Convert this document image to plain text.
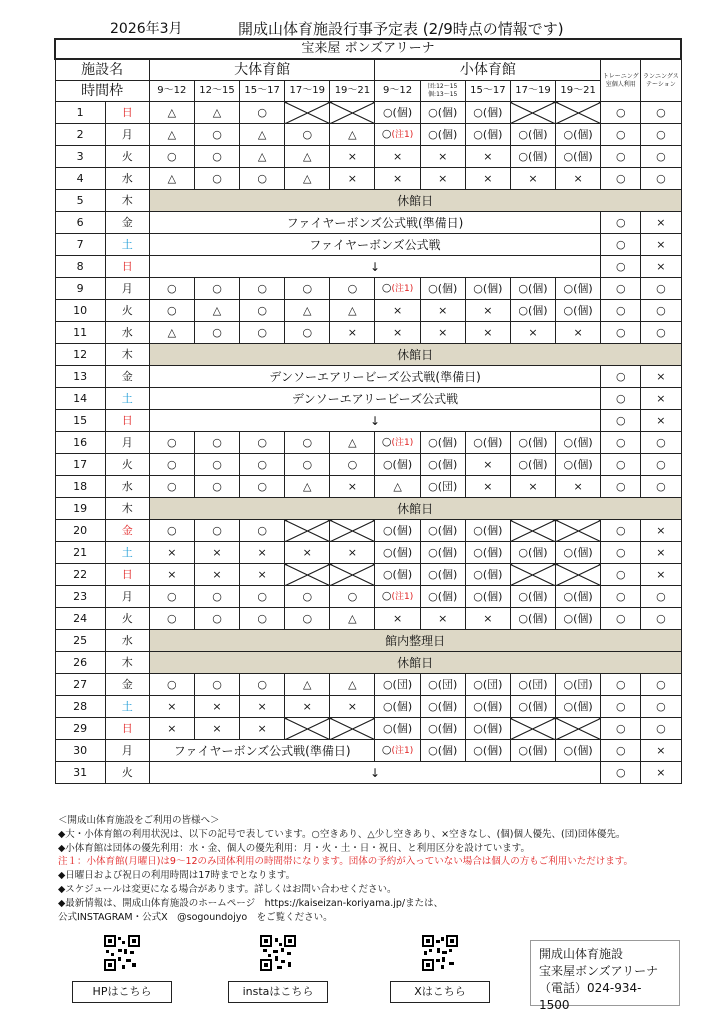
2026年3月	開成山体育施設行事予定表 (2/9時点の情報です)
宝来屋 ボンズアリーナ													
施設名		大体育館					小体育館					トレーニング室個人利用	ランニングステーション
時間枠		9～12	12～15	15～17	17～19	19～21	9～12	団:12～15 個:13～15	15～17	17～19	19～21		
1	日	△	△	○			○(個)	○(個)	○(個)			○	○
2	月	△	○	△	○	△	○(注1)	○(個)	○(個)	○(個)	○(個)	○	○
3	火	○	○	△	△	×	×	×	×	○(個)	○(個)	○	○
4	水	△	○	○	△	×	×	×	×	×	×	○	○
5	木	休館日											
6	金	ファイヤーボンズ公式戦(準備日)										○	×
7	土	ファイヤーボンズ公式戦										○	×
8	日	↓										○	×
9	月	○	○	○	○	○	○(注1)	○(個)	○(個)	○(個)	○(個)	○	○
10	火	○	△	○	△	△	×	×	×	○(個)	○(個)	○	○
11	水	△	○	○	○	×	×	×	×	×	×	○	○
12	木	休館日											
13	金	デンソーエアリービーズ公式戦(準備日)										○	×
14	土	デンソーエアリービーズ公式戦										○	×
15	日	↓										○	×
16	月	○	○	○	○	△	○(注1)	○(個)	○(個)	○(個)	○(個)	○	○
17	火	○	○	○	○	○	○(個)	○(個)	×	○(個)	○(個)	○	○
18	水	○	○	○	△	×	△	○(団)	×	×	×	○	○
19	木	休館日											
20	金	○	○	○			○(個)	○(個)	○(個)			○	×
21	土	×	×	×	×	×	○(個)	○(個)	○(個)	○(個)	○(個)	○	×
22	日	×	×	×			○(個)	○(個)	○(個)			○	×
23	月	○	○	○	○	○	○(注1)	○(個)	○(個)	○(個)	○(個)	○	○
24	火	○	○	○	○	△	×	×	×	○(個)	○(個)	○	○
25	水	館内整理日											
26	木	休館日											
27	金	○	○	○	△	△	○(団)	○(団)	○(団)	○(団)	○(団)	○	○
28	土	×	×	×	×	×	○(個)	○(個)	○(個)	○(個)	○(個)	○	○
29	日	×	×	×			○(個)	○(個)	○(個)			○	○
30	月	ファイヤーボンズ公式戦(準備日)					○(注1)	○(個)	○(個)	○(個)	○(個)	○	×
31	火	↓										○	×
＜開成山体育施設をご利用の皆様へ＞
◆大・小体育館の利用状況は、以下の記号で表しています。○空きあり、△少し空きあり、×空きなし、(個)個人優先、(団)団体優先。
◆小体育館は団体の優先利用：水・金、個人の優先利用：月・火・土・日・祝日、と利用区分を設けています。
注１：小体育館(月曜日)は9～12のみ団体利用の時間帯になります。団体の予約が入っていない場合は個人の方もご利用いただけます。
◆日曜日および祝日の利用時間は17時までとなります。
◆スケジュールは変更になる場合があります。詳しくはお問い合わせください。
◆最新情報は、開成山体育施設のホームページ　https://kaiseizan-koriyama.jp/または、
公式INSTAGRAM・公式X　@sogoundojyo　をご覧ください。
HPはこちら	instaはこちら	Xはこちら
開成山体育施設
宝来屋ボンズアリーナ
（電話）024-934-1500
